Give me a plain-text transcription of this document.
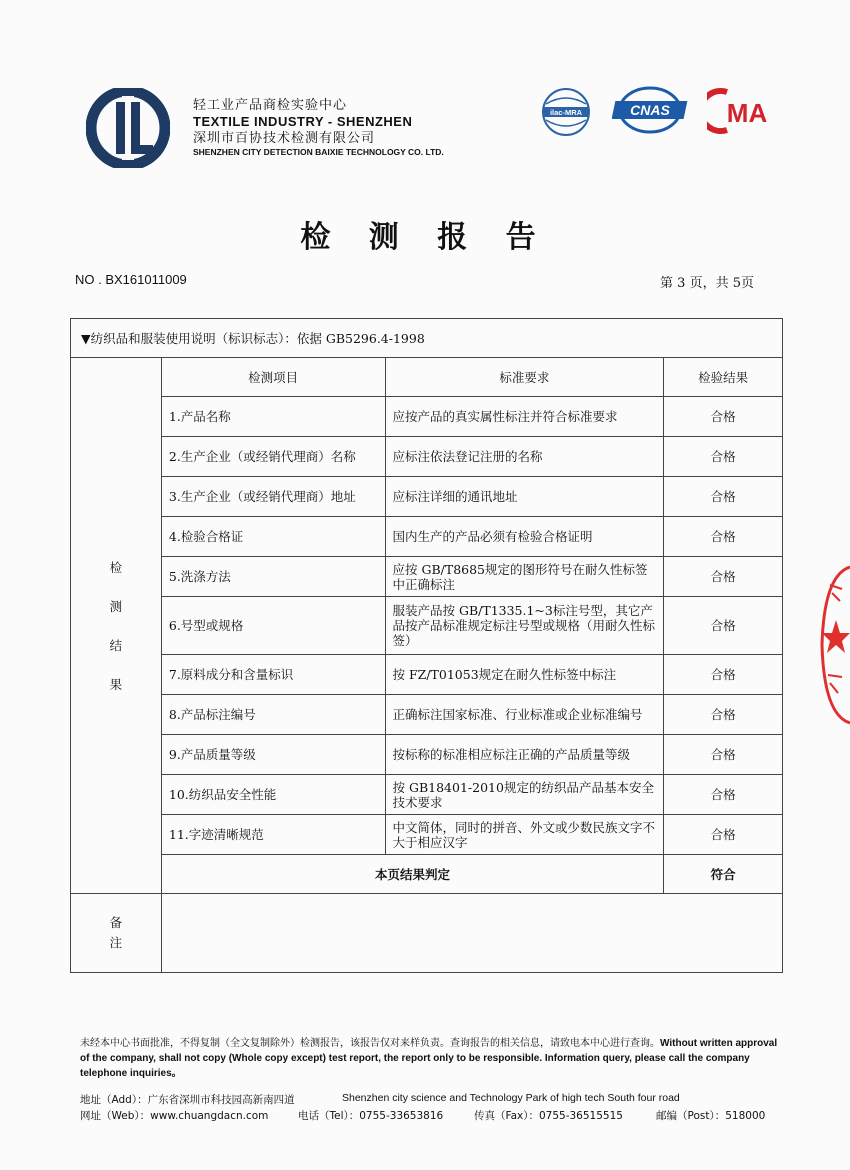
轻工业产品商检实验中心
TEXTILE INDUSTRY - SHENZHEN
深圳市百协技术检测有限公司
SHENZHEN CITY DETECTION BAIXIE TECHNOLOGY CO. LTD.
ilac-MRA	CNAS MA
检 测 报 告
NO . BX161011009	第 3 页，共 5页
▼纺织品和服装使用说明（标识标志）：依据 GB5296.4-1998			

检
测
结
果	检测项目	标准要求	检验结果
	1.产品名称	应按产品的真实属性标注并符合标准要求	合格
	2.生产企业（或经销代理商）名称	应标注依法登记注册的名称	合格
	3.生产企业（或经销代理商）地址	应标注详细的通讯地址	合格
	4.检验合格证	国内生产的产品必须有检验合格证明	合格
	5.洗涤方法	应按 GB/T8685规定的图形符号在耐久性标签中正确标注	合格
	6.号型或规格	服装产品按 GB/T1335.1~3标注号型，其它产品按产品标准规定标注号型或规格（用耐久性标签）	合格
	7.原料成分和含量标识	按 FZ/T01053规定在耐久性标签中标注	合格
	8.产品标注编号	正确标注国家标准、行业标准或企业标准编号	合格
	9.产品质量等级	按标称的标准相应标注正确的产品质量等级	合格
	10.纺织品安全性能	按 GB18401-2010规定的纺织品产品基本安全技术要求	合格
	11.字迹清晰规范	中文简体，同时的拼音、外文或少数民族文字不大于相应汉字	合格
	本页结果判定		符合
备
注			
未经本中心书面批准，不得复制（全文复制除外）检测报告，该报告仅对来样负责。查询报告的相关信息，请致电本中心进行查询。Without written approval of the company, shall not copy (Whole copy except) test report, the report only to be responsible. Information query, please call the company telephone inquiries。
地址（Add）：广东省深圳市科技园高新南四道	Shenzhen city science and Technology Park of high tech South four road
网址（Web）：www.chuangdacn.com	电话（Tel）：0755-33653816	传真（Fax）：0755-36515515	邮编（Post）：518000
